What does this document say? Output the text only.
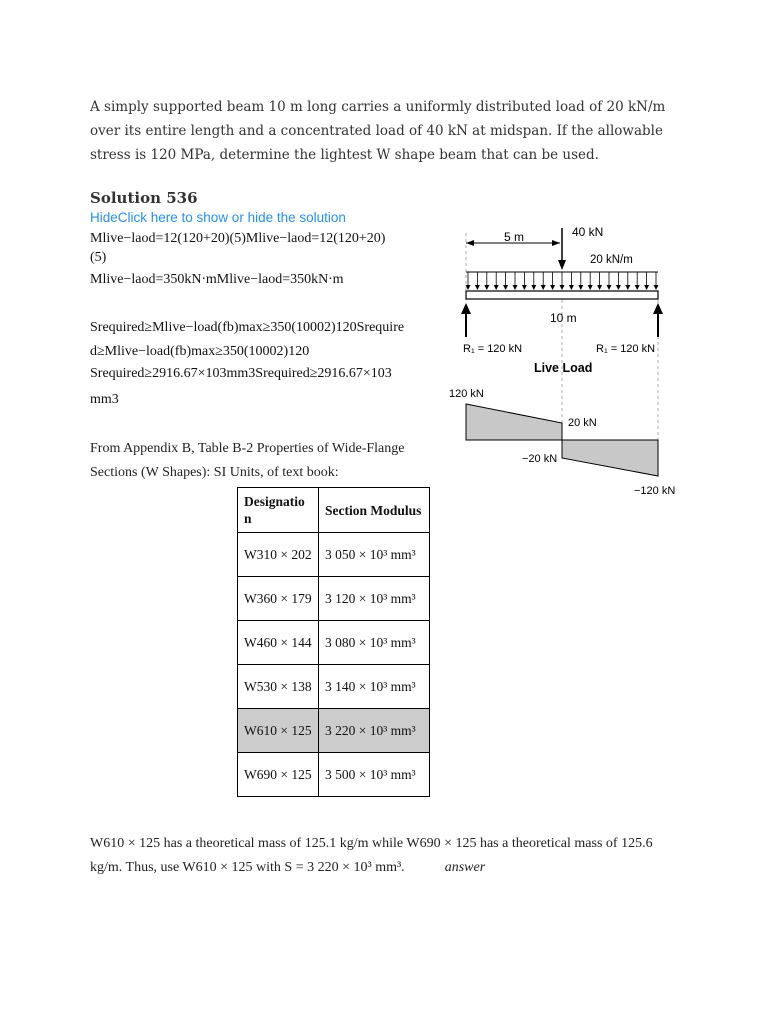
A simply supported beam 10 m long carries a uniformly distributed load of 20 kN/m over its entire length and a concentrated load of 40 kN at midspan. If the allowable stress is 120 MPa, determine the lightest W shape beam that can be used.
Solution 536
HideClick here to show or hide the solution
Mlive−laod=12(120+20)(5)Mlive−laod=12(120+20)
(5)
Mlive−laod=350kN⋅mMlive−laod=350kN⋅m
Srequired≥Mlive−load(fb)max≥350(10002)120Srequire
d≥Mlive−load(fb)max≥350(10002)120
Srequired≥2916.67×103mm3Srequired≥2916.67×103
mm3
From Appendix B, Table B-2 Properties of Wide-Flange Sections (W Shapes): SI Units, of text book:
5 m	40 kN
20 kN/m
10 m
R₁ = 120 kN	R₁ = 120 kN
Live Load
120 kN
20 kN
−20 kN
−120 kN
Designatio n	Section Modulus
W310 × 202	3 050 × 10³ mm³
W360 × 179	3 120 × 10³ mm³
W460 × 144	3 080 × 10³ mm³
W530 × 138	3 140 × 10³ mm³
W610 × 125	3 220 × 10³ mm³
W690 × 125	3 500 × 10³ mm³
W610 × 125 has a theoretical mass of 125.1 kg/m while W690 × 125 has a theoretical mass of 125.6 kg/m. Thus, use W610 × 125 with S = 3 220 × 10³ mm³.	answer
